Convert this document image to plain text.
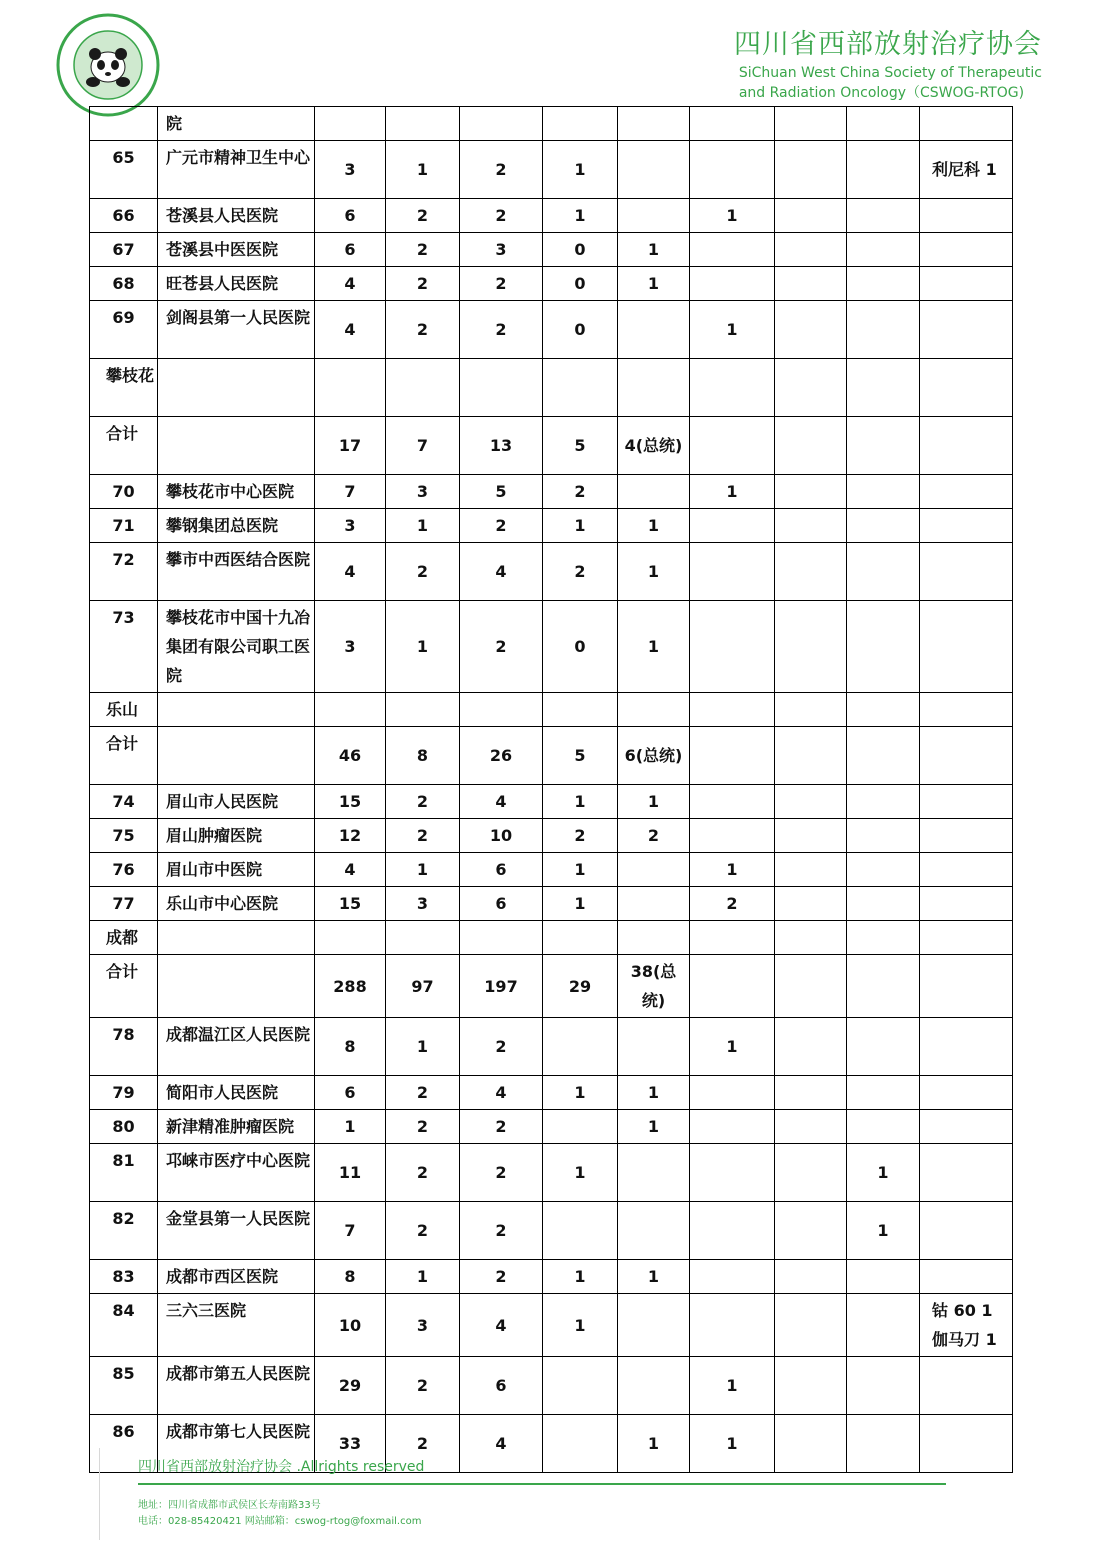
四川省西部放射治疗协会
SiChuan West China Society of Therapeutic
and Radiation Oncology（CSWOG-RTOG)
	院									
65	广元市精神卫生中心	3	1	2	1					利尼科 1
66	苍溪县人民医院	6	2	2	1		1			
67	苍溪县中医医院	6	2	3	0	1				
68	旺苍县人民医院	4	2	2	0	1				
69	剑阁县第一人民医院	4	2	2	0		1			
攀枝花										
合计		17	7	13	5	4(总统)				
70	攀枝花市中心医院	7	3	5	2		1			
71	攀钢集团总医院	3	1	2	1	1				
72	攀市中西医结合医院	4	2	4	2	1				
73	攀枝花市中国十九冶集团有限公司职工医院	3	1	2	0	1				
乐山										
合计		46	8	26	5	6(总统)				
74	眉山市人民医院	15	2	4	1	1				
75	眉山肿瘤医院	12	2	10	2	2				
76	眉山市中医院	4	1	6	1		1			
77	乐山市中心医院	15	3	6	1		2			
成都										
合计		288	97	197	29	38(总统)				
78	成都温江区人民医院	8	1	2			1			
79	简阳市人民医院	6	2	4	1	1				
80	新津精准肿瘤医院	1	2	2		1				
81	邛崃市医疗中心医院	11	2	2	1				1	
82	金堂县第一人民医院	7	2	2					1	
83	成都市西区医院	8	1	2	1	1				
84	三六三医院	10	3	4	1					钴 60 1 伽马刀 1
85	成都市第五人民医院	29	2	6			1			
86	成都市第七人民医院	33	2	4		1	1			
四川省西部放射治疗协会 .Allrights reserved
地址：四川省成都市武侯区长寿南路33号
电话：028-85420421 网站邮箱：cswog-rtog@foxmail.com
